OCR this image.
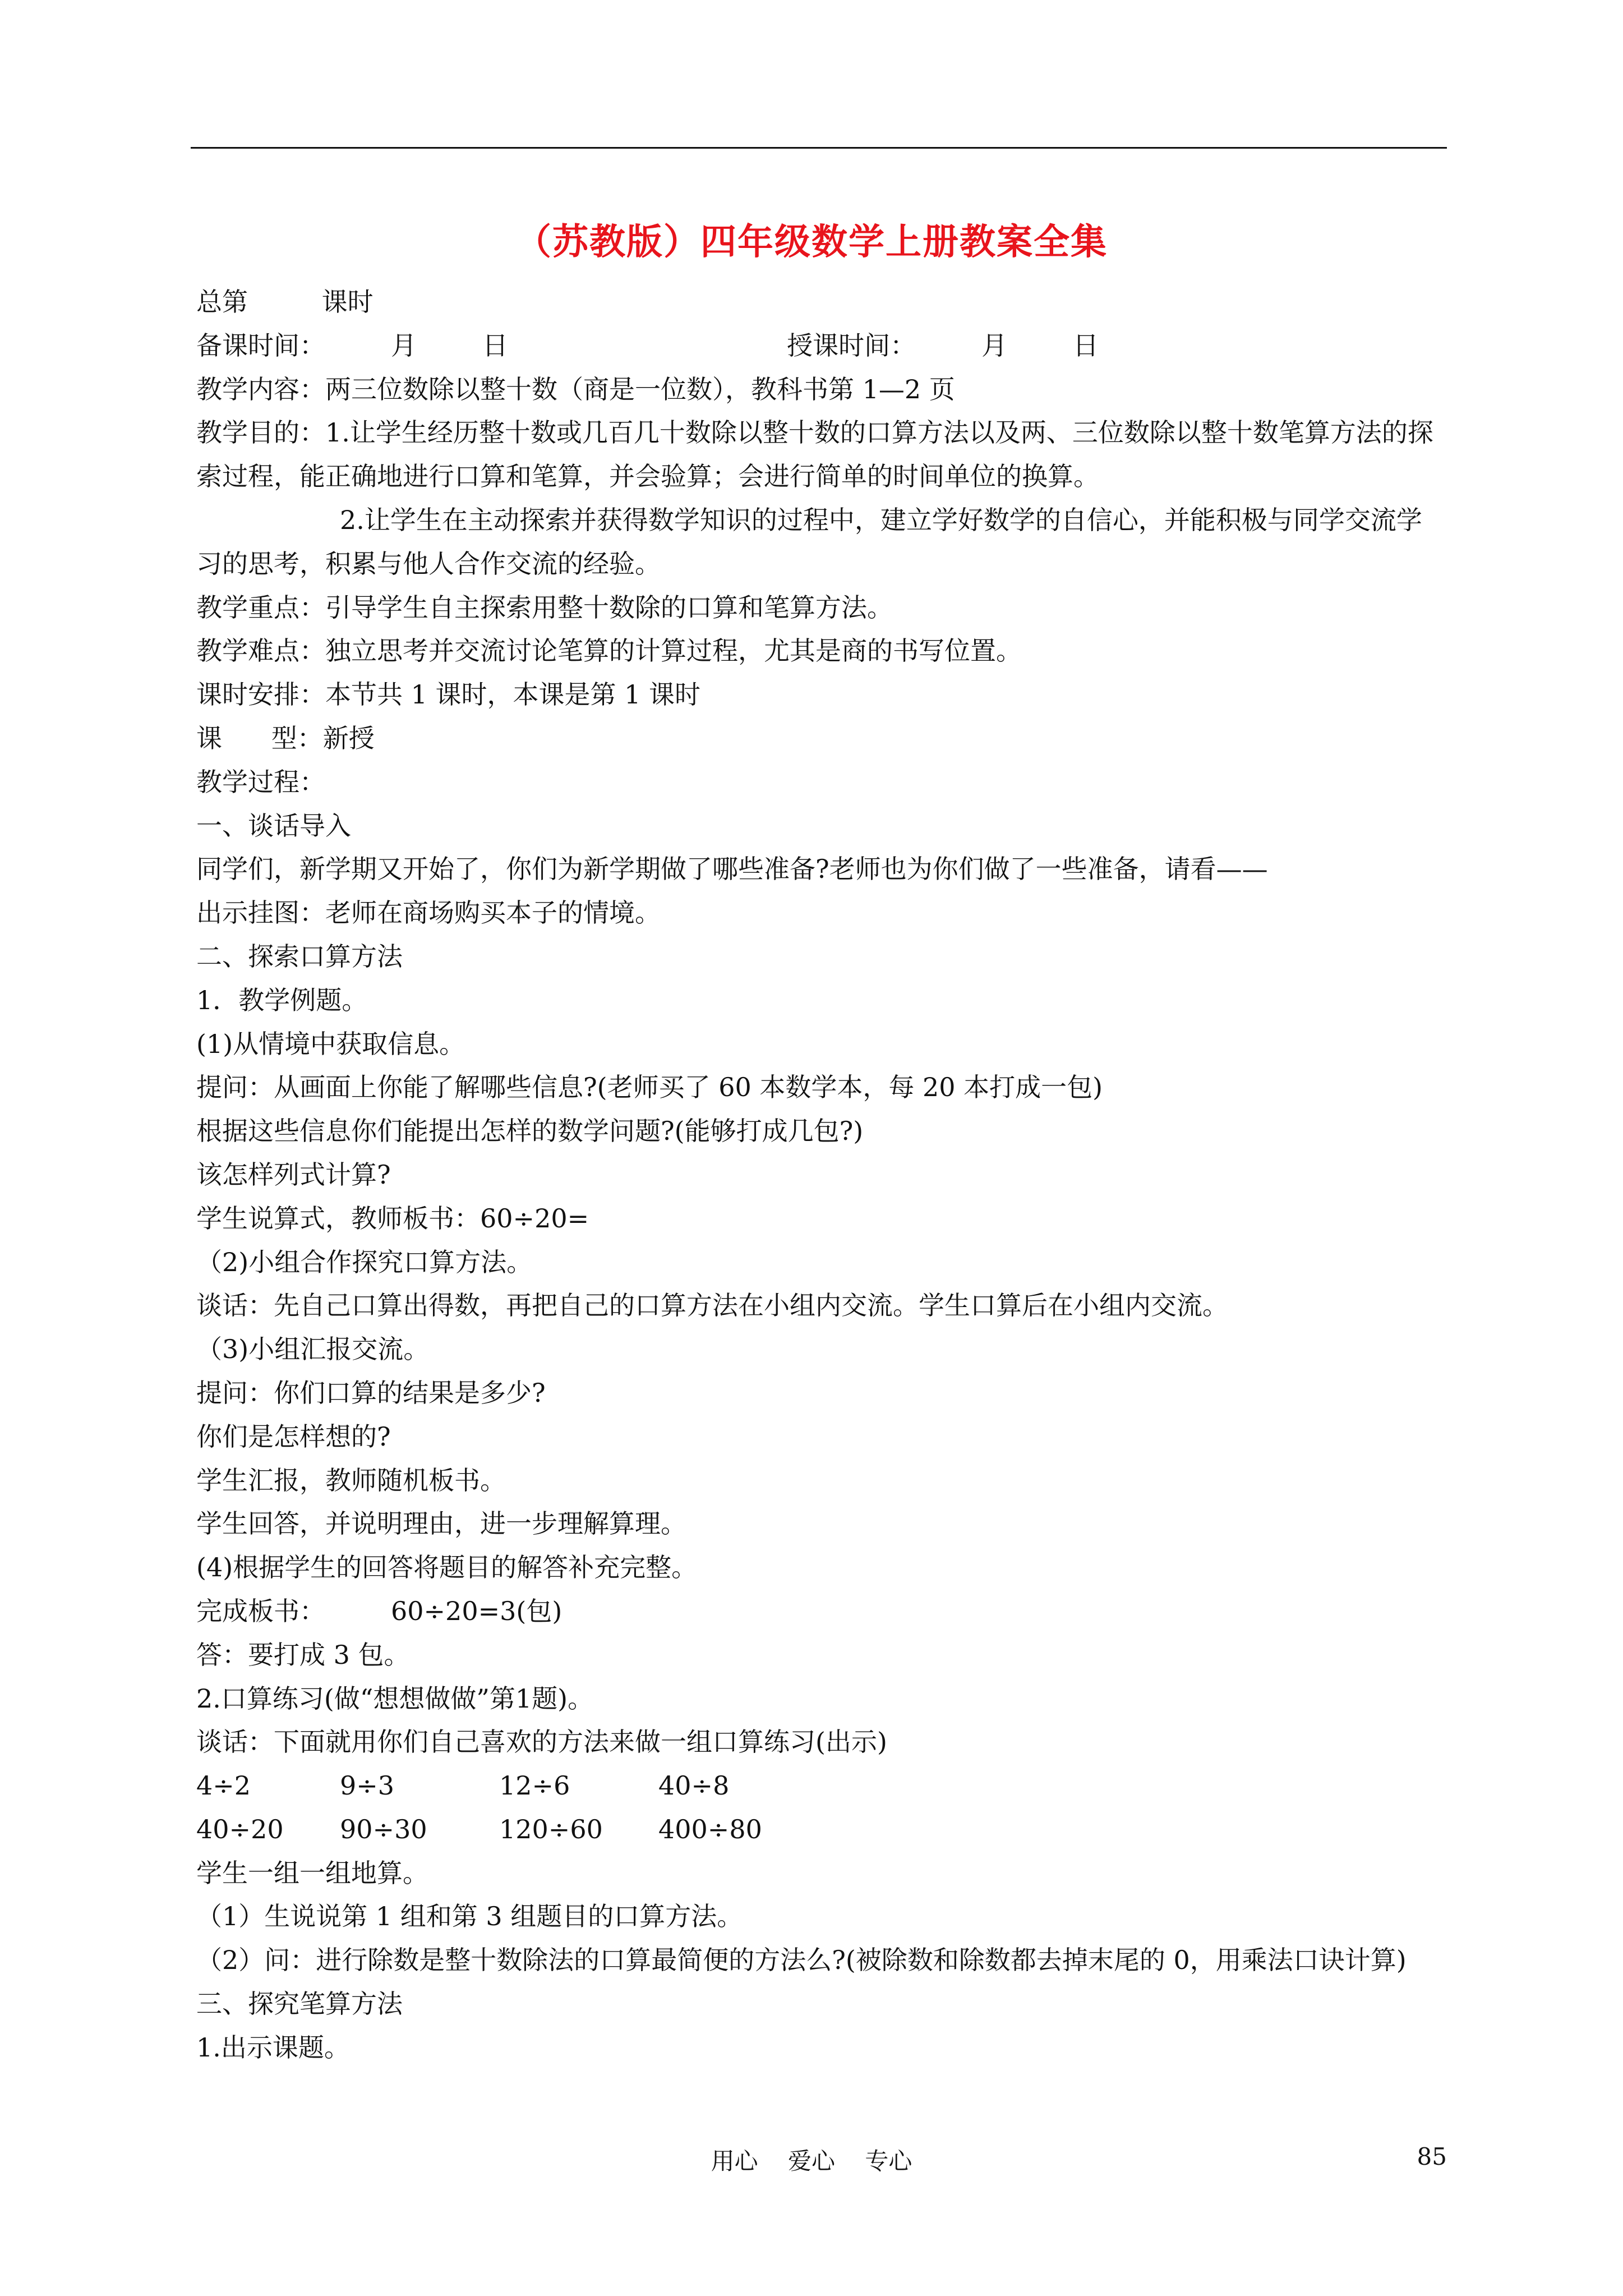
（苏教版）四年级数学上册教案全集
总第         课时
备课时间：        月        日                                  授课时间：        月        日
教学内容：两三位数除以整十数（商是一位数），教科书第 1—2 页
教学目的：1.让学生经历整十数或几百几十数除以整十数的口算方法以及两、三位数除以整十数笔算方法的探索过程，能正确地进行口算和笔算，并会验算；会进行简单的时间单位的换算。
2.让学生在主动探索并获得数学知识的过程中，建立学好数学的自信心，并能积极与同学交流学习的思考，积累与他人合作交流的经验。
教学重点：引导学生自主探索用整十数除的口算和笔算方法。
教学难点：独立思考并交流讨论笔算的计算过程，尤其是商的书写位置。
课时安排：本节共 1 课时，本课是第 1 课时
课      型：新授
教学过程：
一、谈话导入
同学们，新学期又开始了，你们为新学期做了哪些准备?老师也为你们做了一些准备，请看——
出示挂图：老师在商场购买本子的情境。
二、探索口算方法
1．教学例题。
(1)从情境中获取信息。
提问：从画面上你能了解哪些信息?(老师买了 60 本数学本，每 20 本打成一包)
根据这些信息你们能提出怎样的数学问题?(能够打成几包?)
该怎样列式计算?
学生说算式，教师板书：60÷20=
（2)小组合作探究口算方法。
谈话：先自己口算出得数，再把自己的口算方法在小组内交流。学生口算后在小组内交流。
（3)小组汇报交流。
提问：你们口算的结果是多少?
你们是怎样想的?
学生汇报，教师随机板书。
学生回答，并说明理由，进一步理解算理。
(4)根据学生的回答将题目的解答补充完整。
完成板书：        60÷20=3(包)
答：要打成 3 包。
2.口算练习(做“想想做做”第1题)。
谈话：下面就用你们自己喜欢的方法来做一组口算练习(出示)
4÷2	9÷3	12÷6	40÷8
40÷20	90÷30	120÷60	400÷80
学生一组一组地算。
（1）生说说第 1 组和第 3 组题目的口算方法。
（2）问：进行除数是整十数除法的口算最简便的方法么?(被除数和除数都去掉末尾的 0，用乘法口诀计算)
三、探究笔算方法
1.出示课题。
用心    爱心    专心	85
